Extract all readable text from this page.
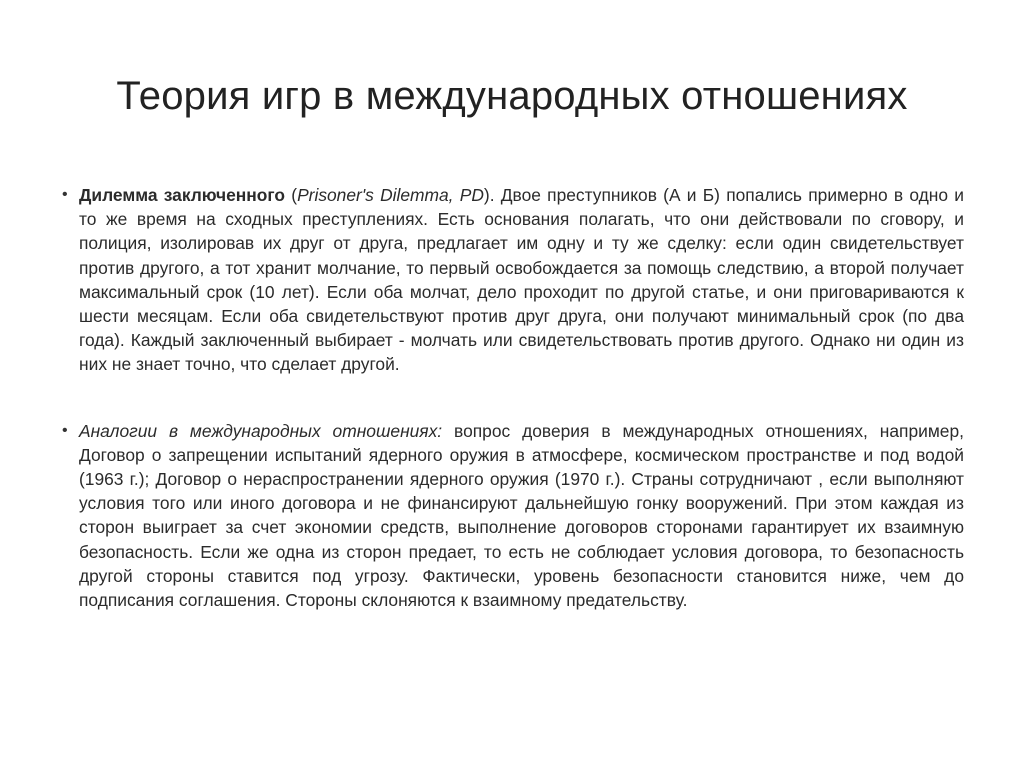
Теория игр в международных отношениях
• Дилемма заключенного (Prisoner's Dilemma, PD). Двое преступников (А и Б) попались примерно в одно и то же время на сходных преступлениях. Есть основания полагать, что они действовали по сговору, и полиция, изолировав их друг от друга, предлагает им одну и ту же сделку: если один свидетельствует против другого, а тот хранит молчание, то первый освобождается за помощь следствию, а второй получает максимальный срок (10 лет). Если оба молчат, дело проходит по другой статье, и они приговариваются к шести месяцам. Если оба свидетельствуют против друг друга, они получают минимальный срок (по два года). Каждый заключенный выбирает - молчать или свидетельствовать против другого. Однако ни один из них не знает точно, что сделает другой.
• Аналогии в международных отношениях: вопрос доверия в международных отношениях, например, Договор о запрещении испытаний ядерного оружия в атмосфере, космическом пространстве и под водой (1963 г.); Договор о нераспространении ядерного оружия (1970 г.). Страны сотрудничают , если выполняют условия того или иного договора и не финансируют дальнейшую гонку вооружений. При этом каждая из сторон выиграет за счет экономии средств, выполнение договоров сторонами гарантирует их взаимную безопасность. Если же одна из сторон предает, то есть не соблюдает условия договора, то безопасность другой стороны ставится под угрозу. Фактически, уровень безопасности становится ниже, чем до подписания соглашения. Стороны склоняются к взаимному предательству.
